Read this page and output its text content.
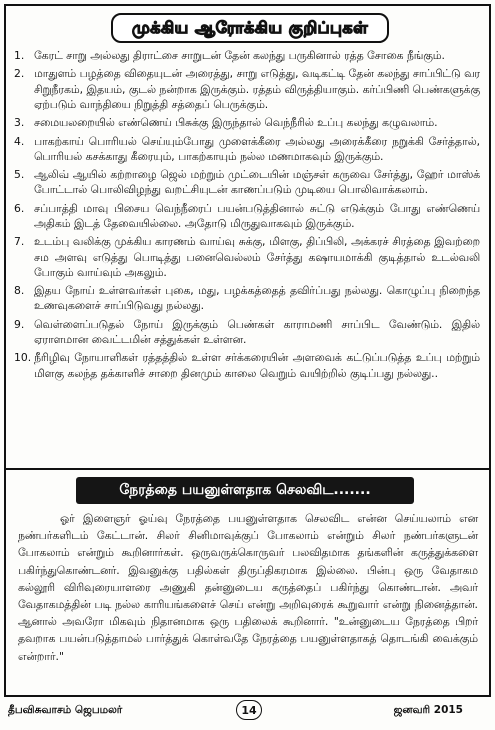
முக்கிய ஆரோக்கிய குறிப்புகள்
1. கேரட் சாறு அல்லது திராட்சை சாறுடன் தேன் கலந்து பருகினால் ரத்த சோகை நீங்கும்.
2. மாதுளம் பழத்தை விதையுடன் அரைத்து, சாறு எடுத்து, வடிகட்டி தேன் கலந்து சாப்பிட்டு வர சிறுநீரகம், இதயம், குடல் நன்றாக இருக்கும். ரத்தம் விருத்தியாகும். கர்ப்பிணி பெண்களுக்கு ஏற்படும் வாந்தியை நிறுத்தி சத்தைப் பெருக்கும்.
3. சமையலறையில் எண்ணெய் பிசுக்கு இருந்தால் வெந்நீரில் உப்பு கலந்து கழுவலாம்.
4. பாகற்காய் பொரியல் செய்யும்போது முளைக்கீரை அல்லது அரைக்கீரை நறுக்கி சேர்த்தால், பொரியல் கசக்காது கீரையும், பாகற்காயும் நல்ல மணமாகவும் இருக்கும்.
5. ஆலிவ் ஆயில் கற்றாழை ஜெல் மற்றும் முட்டையின் மஞ்சள் கருவை சேர்த்து, ஹேர் மாஸ்க் போட்டால் பொலிவிழந்து வறட்சியுடன் காணப்படும் முடியை பொலிவாக்கலாம்.
6. சப்பாத்தி மாவு பிசைய வெந்நீரைப் பயன்படுத்தினால் சுட்டு எடுக்கும் போது எண்ணெய் அதிகம் இடத் தேவையில்லை. அதோடு மிருதுவாகவும் இருக்கும்.
7. உடம்பு வலிக்கு முக்கிய காரணம் வாய்வு சுக்கு, மிளகு, திப்பிலி, அக்கரச் சிரத்தை இவற்றை சம அளவு எடுத்து பொடித்து பனைவெல்லம் சேர்த்து கஷாயமாக்கி குடித்தால் உடல்வலி போகும் வாய்வும் அகலும்.
8. இதய நோய் உள்ளவர்கள் புகை, மது, பழக்கத்தைத் தவிர்ப்பது நல்லது. கொழுப்பு நிறைந்த உணவுகளைச் சாப்பிடுவது நல்லது.
9. வெள்ளைப்படுதல் நோய் இருக்கும் பெண்கள் காராமணி சாப்பிட வேண்டும். இதில் ஏராளமான வைட்டமின் சத்துக்கள் உள்ளன.
10. நீரிழிவு நோயாளிகள் ரத்தத்தில் உள்ள சர்க்கரையின் அளவைக் கட்டுப்படுத்த உப்பு மற்றும் மிளகு கலந்த தக்காளிச் சாறை தினமும் காலை வெறும் வயிற்றில் குடிப்பது நல்லது..
நேரத்தை பயனுள்ளதாக செலவிட.......
ஓர் இளைஞர் ஓய்வு நேரத்தை பயனுள்ளதாக செலவிட என்ன செய்யலாம் என நண்பர்களிடம் கேட்டான். சிலர் சினிமாவுக்குப் போகலாம் என்றும் சிலர் நண்பர்களுடன் போகலாம் என்றும் கூறினார்கள். ஒருவருக்கொருவர் பலவிதமாக தங்களின் கருத்துக்களை பகிர்ந்துகொண்டனர். இவனுக்கு பதில்கள் திருப்திகரமாக இல்லை. பின்பு ஒரு வேதாகம கல்லூரி விரிவுரையாளரை அணுகி தன்னுடைய கருத்தைப் பகிர்ந்து கொண்டான். அவர் வேதாகமத்தின் படி நல்ல காரியங்களைச் செய் என்று அறிவுரைக் கூறுவார் என்று நினைத்தான். ஆனால் அவரோ மிகவும் நிதானமாக ஒரு பதிலைக் கூறினார். "உன்னுடைய நேரத்தை பிறர் தவறாக பயன்படுத்தாமல் பார்த்துக் கொள்வதே நேரத்தை பயனுள்ளதாகத் தொடங்கி வைக்கும் என்றார்."
தீபவிசுவாசம் ஜெபமலர்	14	ஜனவரி 2015
